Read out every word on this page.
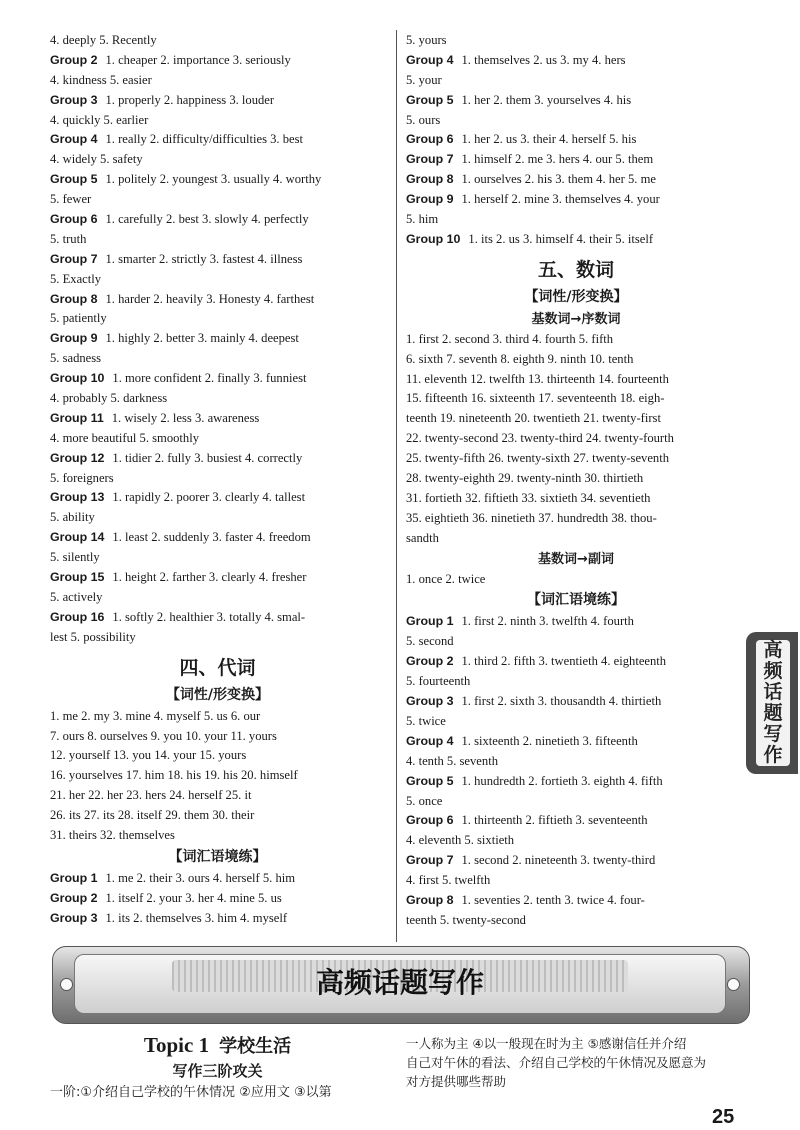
4. deeply 5. Recently
Group 2 1. cheaper 2. importance 3. seriously
4. kindness 5. easier
Group 3 1. properly 2. happiness 3. louder
4. quickly 5. earlier
Group 4 1. really 2. difficulty/difficulties 3. best
4. widely 5. safety
Group 5 1. politely 2. youngest 3. usually 4. worthy
5. fewer
Group 6 1. carefully 2. best 3. slowly 4. perfectly
5. truth
Group 7 1. smarter 2. strictly 3. fastest 4. illness
5. Exactly
Group 8 1. harder 2. heavily 3. Honesty 4. farthest
5. patiently
Group 9 1. highly 2. better 3. mainly 4. deepest
5. sadness
Group 10 1. more confident 2. finally 3. funniest
4. probably 5. darkness
Group 11 1. wisely 2. less 3. awareness
4. more beautiful 5. smoothly
Group 12 1. tidier 2. fully 3. busiest 4. correctly
5. foreigners
Group 13 1. rapidly 2. poorer 3. clearly 4. tallest
5. ability
Group 14 1. least 2. suddenly 3. faster 4. freedom
5. silently
Group 15 1. height 2. farther 3. clearly 4. fresher
5. actively
Group 16 1. softly 2. healthier 3. totally 4. smal-
lest 5. possibility
四、代词
【词性/形变换】
1. me 2. my 3. mine 4. myself 5. us 6. our
7. ours 8. ourselves 9. you 10. your 11. yours
12. yourself 13. you 14. your 15. yours
16. yourselves 17. him 18. his 19. his 20. himself
21. her 22. her 23. hers 24. herself 25. it
26. its 27. its 28. itself 29. them 30. their
31. theirs 32. themselves
【词汇语境练】
Group 1 1. me 2. their 3. ours 4. herself 5. him
Group 2 1. itself 2. your 3. her 4. mine 5. us
Group 3 1. its 2. themselves 3. him 4. myself
5. yours
Group 4 1. themselves 2. us 3. my 4. hers
5. your
Group 5 1. her 2. them 3. yourselves 4. his
5. ours
Group 6 1. her 2. us 3. their 4. herself 5. his
Group 7 1. himself 2. me 3. hers 4. our 5. them
Group 8 1. ourselves 2. his 3. them 4. her 5. me
Group 9 1. herself 2. mine 3. themselves 4. your
5. him
Group 10 1. its 2. us 3. himself 4. their 5. itself
五、数词
【词性/形变换】
基数词→序数词
1. first 2. second 3. third 4. fourth 5. fifth
6. sixth 7. seventh 8. eighth 9. ninth 10. tenth
11. eleventh 12. twelfth 13. thirteenth 14. fourteenth
15. fifteenth 16. sixteenth 17. seventeenth 18. eigh-
teenth 19. nineteenth 20. twentieth 21. twenty-first
22. twenty-second 23. twenty-third 24. twenty-fourth
25. twenty-fifth 26. twenty-sixth 27. twenty-seventh
28. twenty-eighth 29. twenty-ninth 30. thirtieth
31. fortieth 32. fiftieth 33. sixtieth 34. seventieth
35. eightieth 36. ninetieth 37. hundredth 38. thou-
sandth
基数词→副词
1. once 2. twice
【词汇语境练】
Group 1 1. first 2. ninth 3. twelfth 4. fourth
5. second
Group 2 1. third 2. fifth 3. twentieth 4. eighteenth
5. fourteenth
Group 3 1. first 2. sixth 3. thousandth 4. thirtieth
5. twice
Group 4 1. sixteenth 2. ninetieth 3. fifteenth
4. tenth 5. seventh
Group 5 1. hundredth 2. fortieth 3. eighth 4. fifth
5. once
Group 6 1. thirteenth 2. fiftieth 3. seventeenth
4. eleventh 5. sixtieth
Group 7 1. second 2. nineteenth 3. twenty-third
4. first 5. twelfth
Group 8 1. seventies 2. tenth 3. twice 4. four-
teenth 5. twenty-second
高频话题写作
高频话题写作
Topic 1 学校生活
写作三阶攻关
一阶:①介绍自己学校的午休情况 ②应用文 ③以第
一人称为主 ④以一般现在时为主 ⑤感谢信任并介绍
自己对午休的看法、介绍自己学校的午休情况及愿意为
对方提供哪些帮助
25
